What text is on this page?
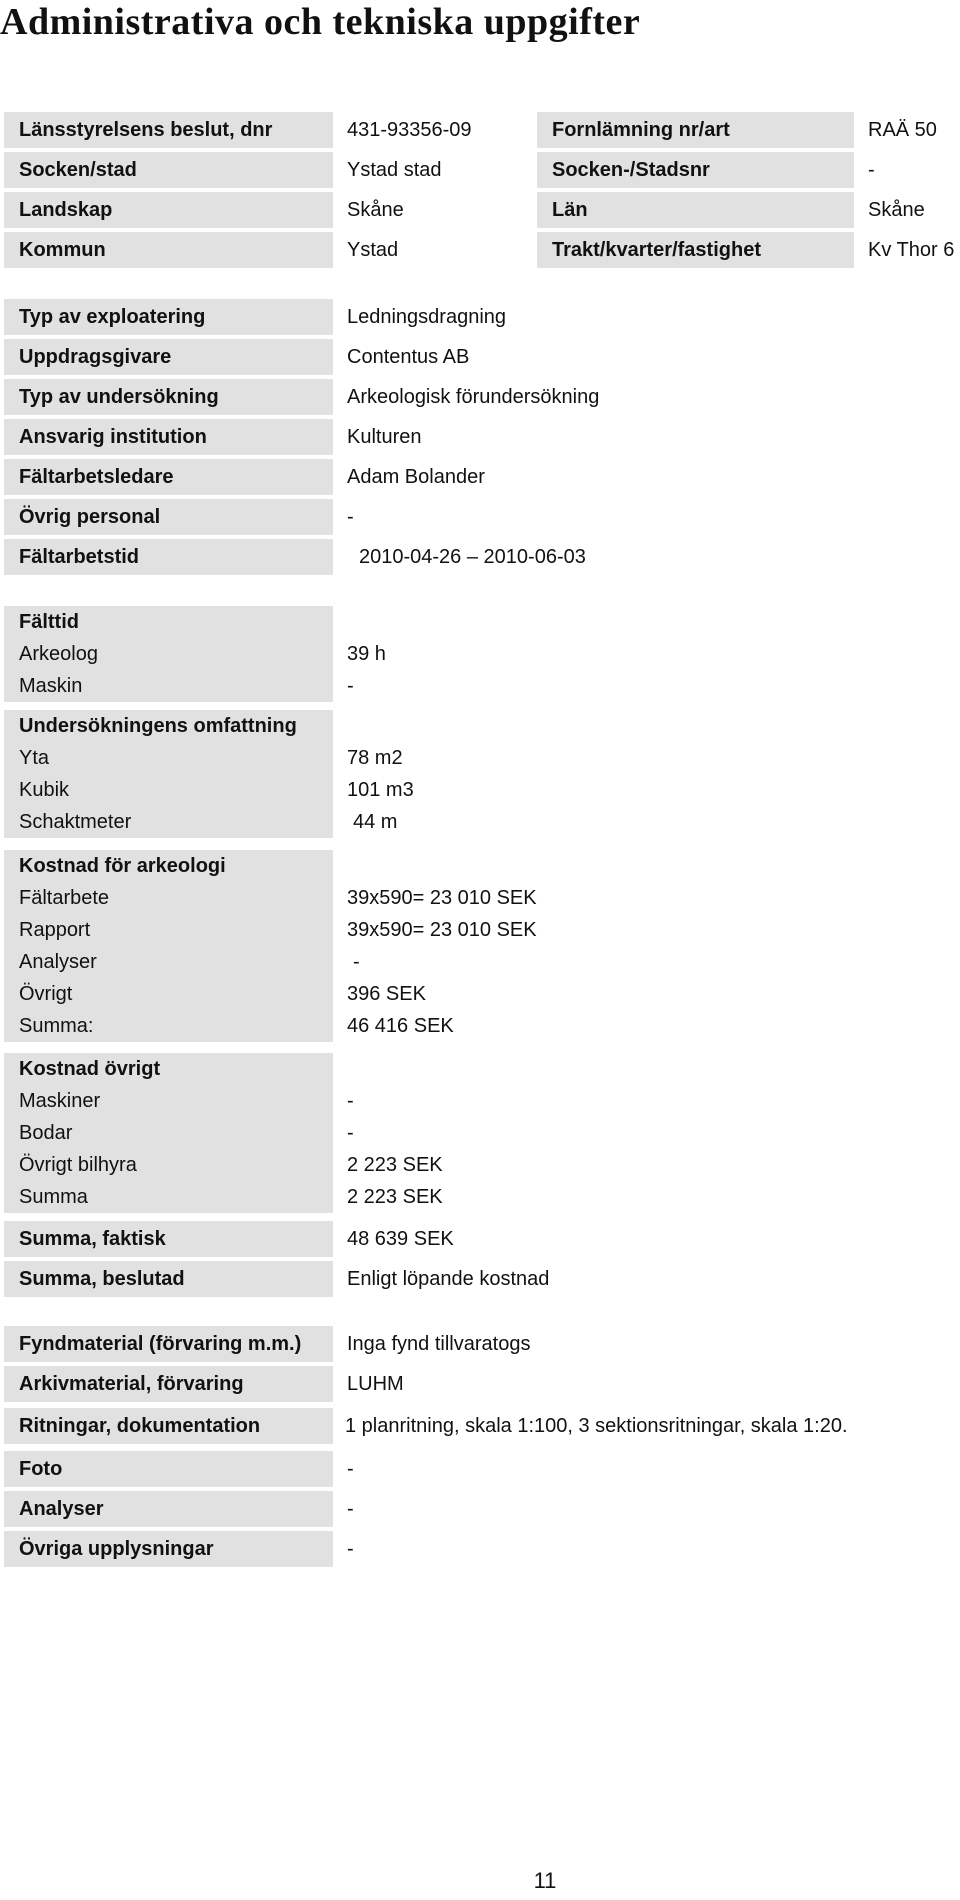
Administrativa och tekniska uppgifter
Länsstyrelsens beslut, dnr	431-93356-09	Fornlämning nr/art	RAÄ 50
Socken/stad	Ystad stad	Socken-/Stadsnr	-
Landskap	Skåne	Län	Skåne
Kommun	Ystad	Trakt/kvarter/fastighet	Kv Thor 6
Typ av exploatering	Ledningsdragning
Uppdragsgivare	Contentus AB
Typ av undersökning	Arkeologisk förundersökning
Ansvarig institution	Kulturen
Fältarbetsledare	Adam Bolander
Övrig personal	-
Fältarbetstid	2010-04-26 – 2010-06-03
Fälttid
Arkeolog	39 h
Maskin	-
Undersökningens omfattning
Yta	78 m2
Kubik	101 m3
Schaktmeter	44 m
Kostnad för arkeologi
Fältarbete	39x590= 23 010 SEK
Rapport	39x590= 23 010 SEK
Analyser	-
Övrigt	396 SEK
Summa:	46 416 SEK
Kostnad övrigt
Maskiner	-
Bodar	-
Övrigt bilhyra	2 223 SEK
Summa	2 223 SEK
Summa, faktisk	48 639 SEK
Summa, beslutad	Enligt löpande kostnad
Fyndmaterial (förvaring m.m.)	Inga fynd tillvaratogs
Arkivmaterial, förvaring	LUHM
Ritningar, dokumentation	1 planritning, skala 1:100, 3 sektionsritningar, skala 1:20.
Foto	-
Analyser	-
Övriga upplysningar	-
11
